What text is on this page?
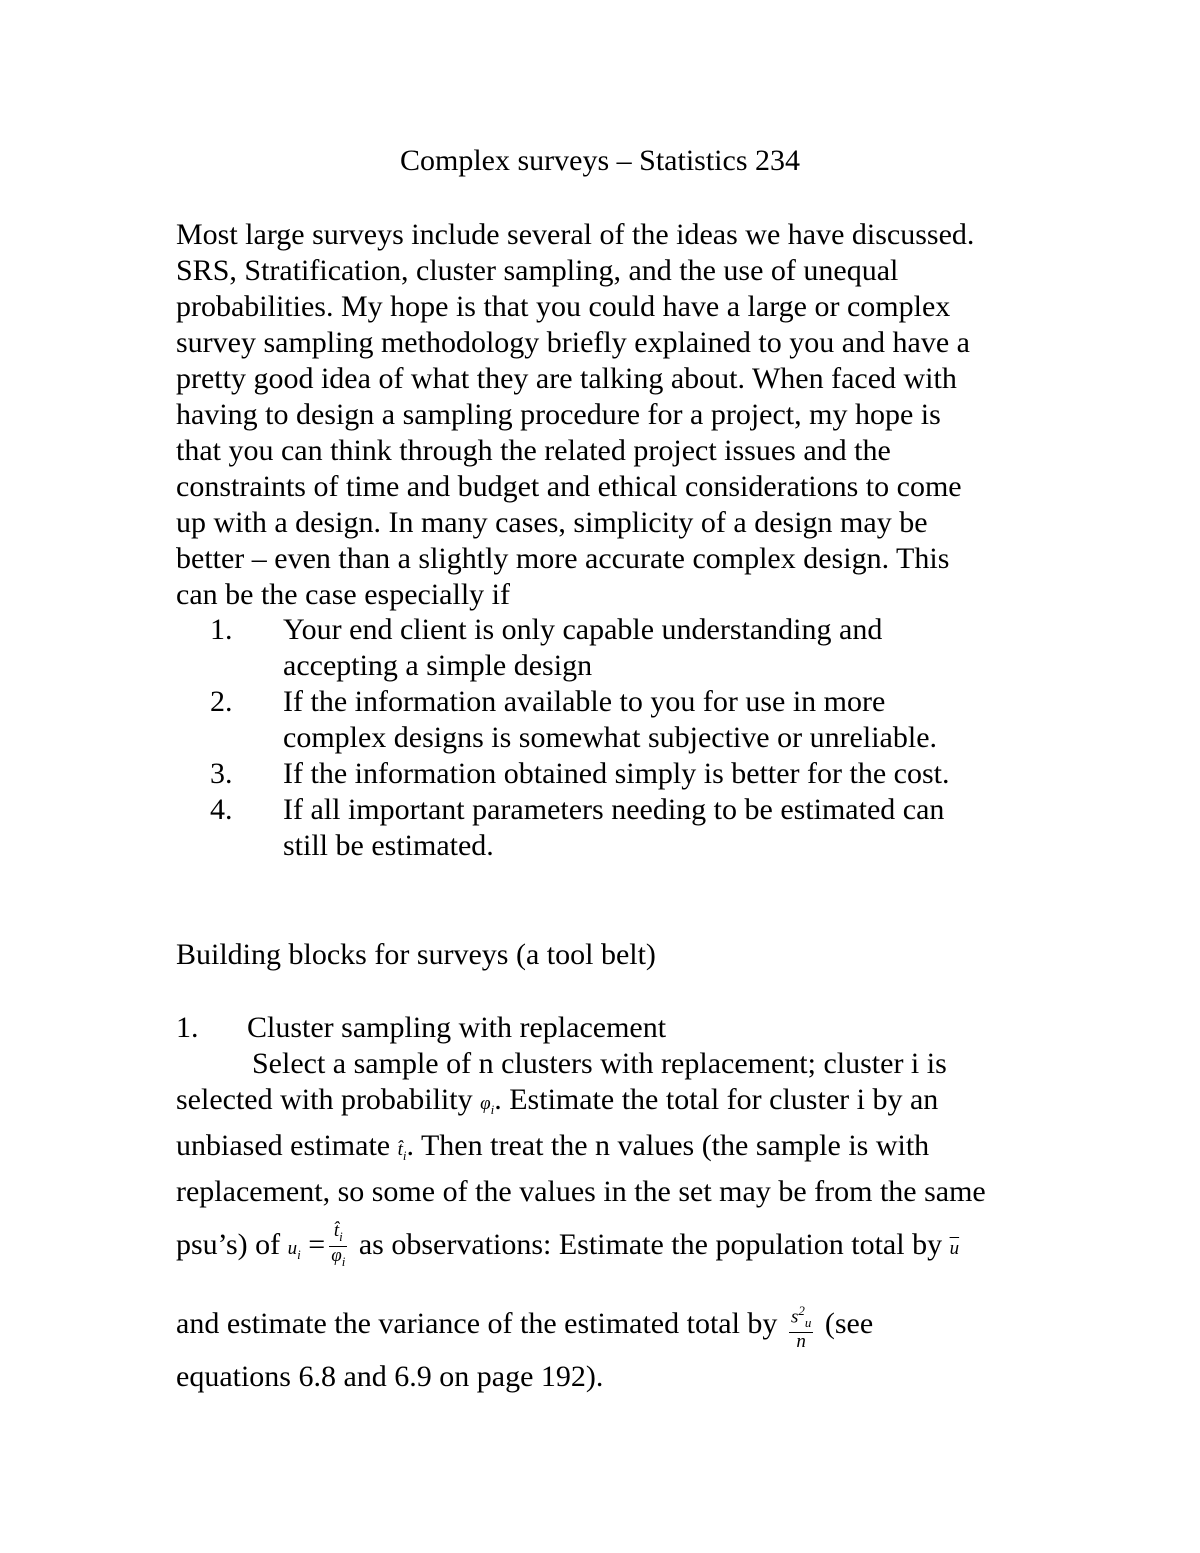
Complex surveys – Statistics 234
Most large surveys include several of the ideas we have discussed.
SRS, Stratification, cluster sampling, and the use of unequal
probabilities. My hope is that you could have a large or complex
survey sampling methodology briefly explained to you and have a
pretty good idea of what they are talking about. When faced with
having to design a sampling procedure for a project, my hope is
that you can think through the related project issues and the
constraints of time and budget and ethical considerations to come
up with a design. In many cases, simplicity of a design may be
better – even than a slightly more accurate complex design. This
can be the case especially if
1. Your end client is only capable understanding and
accepting a simple design
2. If the information available to you for use in more
complex designs is somewhat subjective or unreliable.
3. If the information obtained simply is better for the cost.
4. If all important parameters needing to be estimated can
still be estimated.
Building blocks for surveys (a tool belt)
1. Cluster sampling with replacement
Select a sample of n clusters with replacement; cluster i is
selected with probability $\varphi_i$. Estimate the total for cluster i by an
unbiased estimate $t̂_i$. Then treat the n values (the sample is with
replacement, so some of the values in the set may be from the same
psu’s) of $u_i = \frac{t̂_i}{\varphi_i}$ as observations: Estimate the population total by $\overline{u}$
and estimate the variance of the estimated total by $\frac{s^2_u}{n} (see$
equations 6.8 and 6.9 on page 192).
